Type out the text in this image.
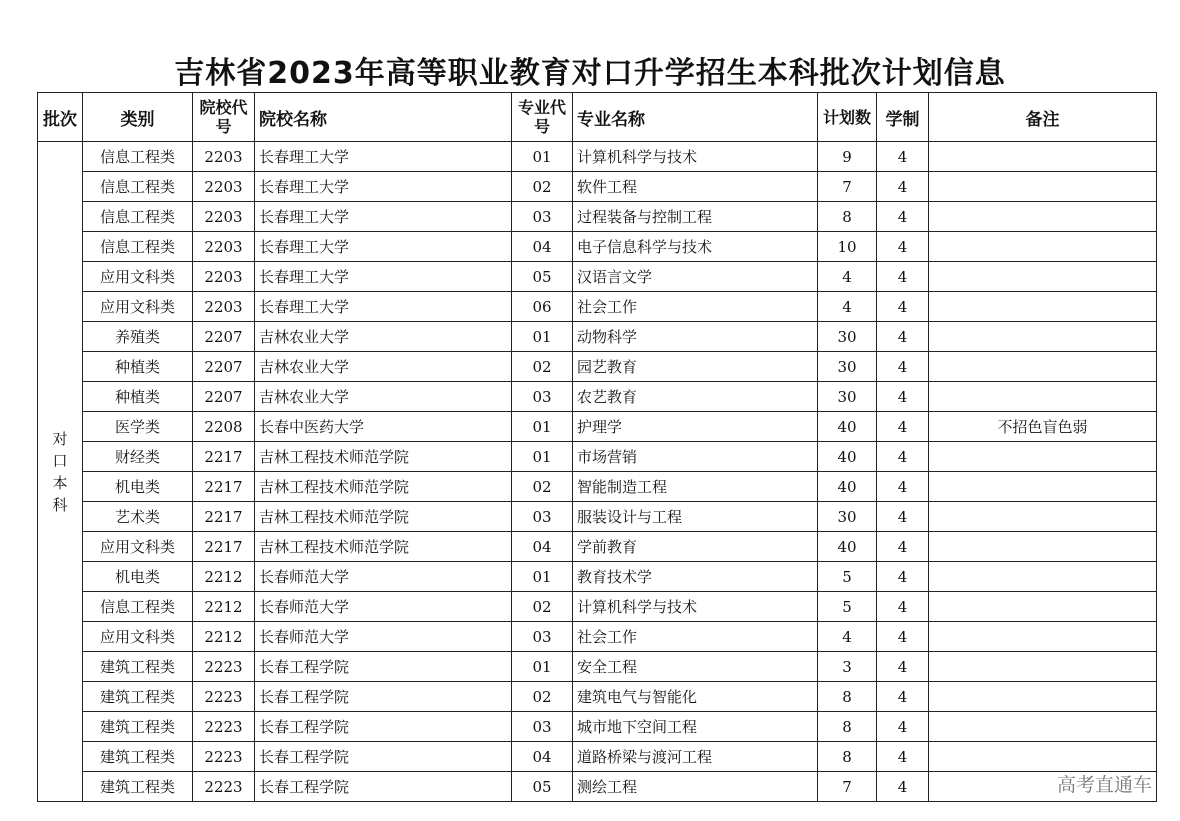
吉林省2023年高等职业教育对口升学招生本科批次计划信息
批次	类别	院校代号	院校名称	专业代号	专业名称	计划数	学制	备注
对口本科	信息工程类	2203	长春理工大学	01	计算机科学与技术	9	4	
	信息工程类	2203	长春理工大学	02	软件工程	7	4	
	信息工程类	2203	长春理工大学	03	过程装备与控制工程	8	4	
	信息工程类	2203	长春理工大学	04	电子信息科学与技术	10	4	
	应用文科类	2203	长春理工大学	05	汉语言文学	4	4	
	应用文科类	2203	长春理工大学	06	社会工作	4	4	
	养殖类	2207	吉林农业大学	01	动物科学	30	4	
	种植类	2207	吉林农业大学	02	园艺教育	30	4	
	种植类	2207	吉林农业大学	03	农艺教育	30	4	
	医学类	2208	长春中医药大学	01	护理学	40	4	不招色盲色弱
	财经类	2217	吉林工程技术师范学院	01	市场营销	40	4	
	机电类	2217	吉林工程技术师范学院	02	智能制造工程	40	4	
	艺术类	2217	吉林工程技术师范学院	03	服装设计与工程	30	4	
	应用文科类	2217	吉林工程技术师范学院	04	学前教育	40	4	
	机电类	2212	长春师范大学	01	教育技术学	5	4	
	信息工程类	2212	长春师范大学	02	计算机科学与技术	5	4	
	应用文科类	2212	长春师范大学	03	社会工作	4	4	
	建筑工程类	2223	长春工程学院	01	安全工程	3	4	
	建筑工程类	2223	长春工程学院	02	建筑电气与智能化	8	4	
	建筑工程类	2223	长春工程学院	03	城市地下空间工程	8	4	
	建筑工程类	2223	长春工程学院	04	道路桥梁与渡河工程	8	4	
	建筑工程类	2223	长春工程学院	05	测绘工程	7	4		高考直通车
